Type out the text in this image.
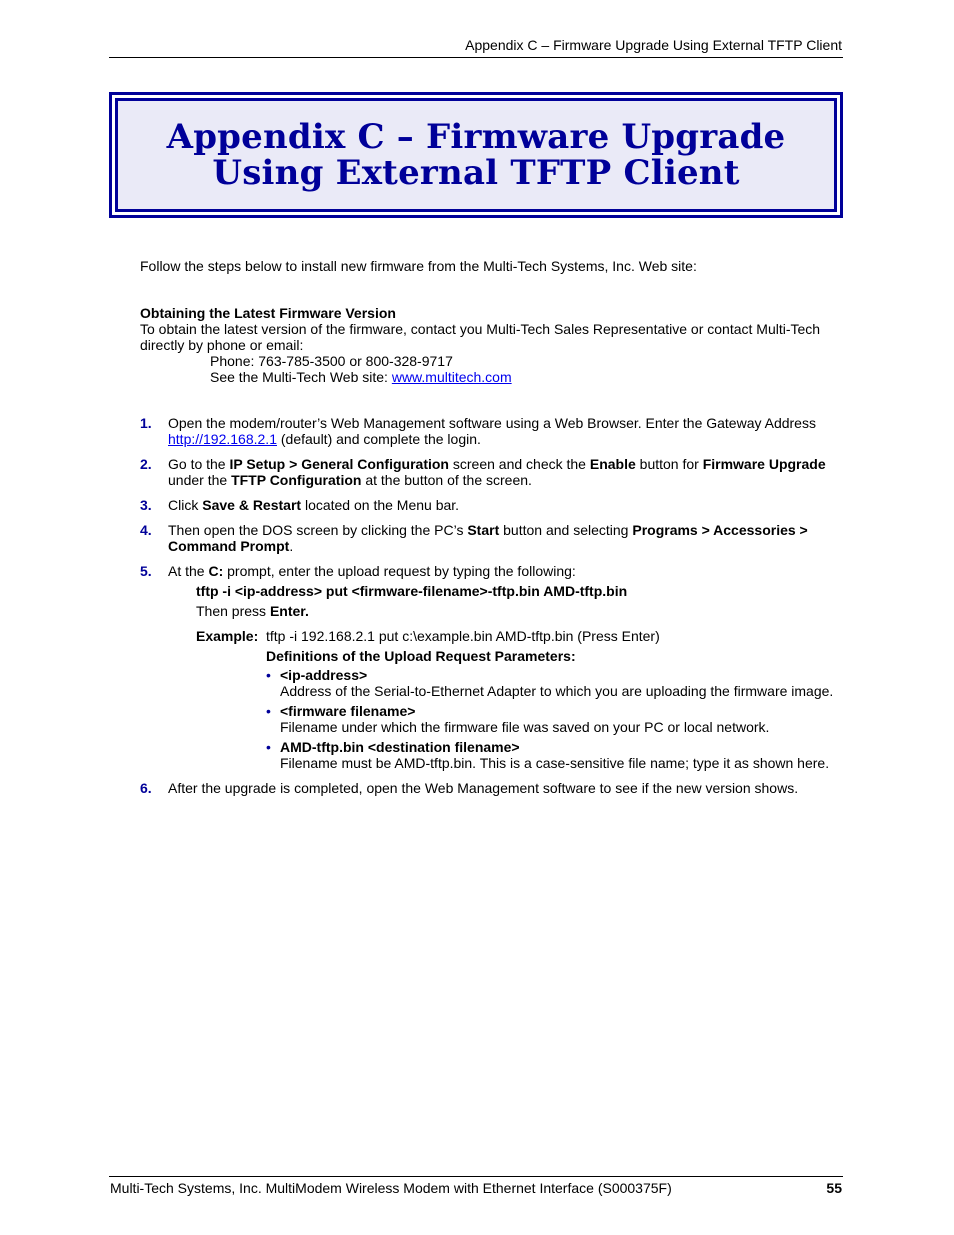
Appendix C – Firmware Upgrade Using External TFTP Client
Appendix C – Firmware Upgrade
Using External TFTP Client
Follow the steps below to install new firmware from the Multi-Tech Systems, Inc. Web site:
Obtaining the Latest Firmware Version
To obtain the latest version of the firmware, contact you Multi-Tech Sales Representative or contact Multi-Tech
directly by phone or email:
Phone: 763-785-3500 or 800-328-9717
See the Multi-Tech Web site: www.multitech.com
1. Open the modem/router’s Web Management software using a Web Browser. Enter the Gateway Address
http://192.168.2.1 (default) and complete the login.
2. Go to the IP Setup > General Configuration screen and check the Enable button for Firmware Upgrade
under the TFTP Configuration at the button of the screen.
3. Click Save & Restart located on the Menu bar.
4. Then open the DOS screen by clicking the PC’s Start button and selecting Programs > Accessories >
Command Prompt.
5. At the C: prompt, enter the upload request by typing the following:
tftp -i <ip-address> put <firmware-filename>-tftp.bin AMD-tftp.bin
Then press Enter.
Example: tftp -i 192.168.2.1 put c:\example.bin AMD-tftp.bin (Press Enter)
Definitions of the Upload Request Parameters:
• <ip-address>
Address of the Serial-to-Ethernet Adapter to which you are uploading the firmware image.
• <firmware filename>
Filename under which the firmware file was saved on your PC or local network.
• AMD-tftp.bin <destination filename>
Filename must be AMD-tftp.bin. This is a case-sensitive file name; type it as shown here.
6. After the upgrade is completed, open the Web Management software to see if the new version shows.
Multi-Tech Systems, Inc. MultiModem Wireless Modem with Ethernet Interface (S000375F)	55
